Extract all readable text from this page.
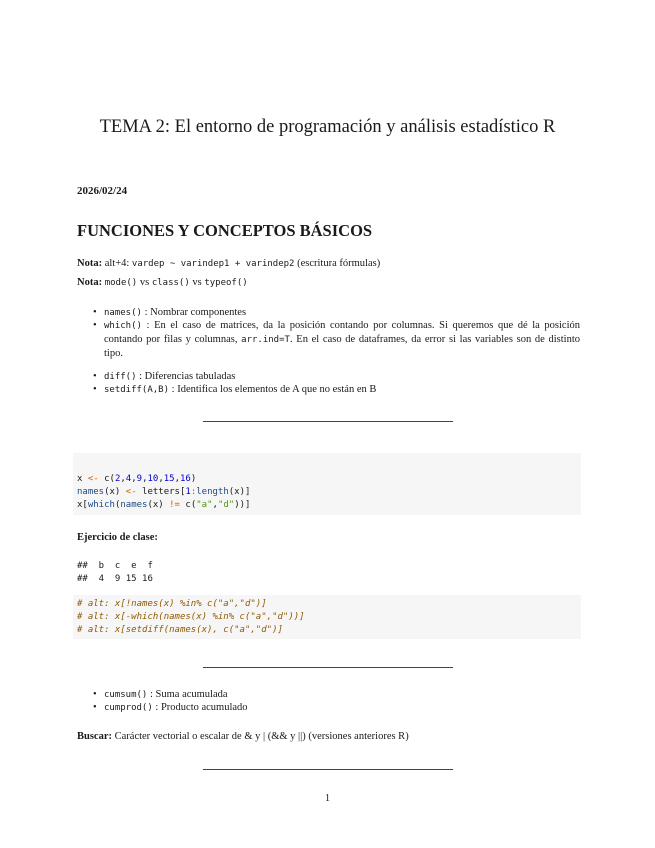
TEMA 2: El entorno de programación y análisis estadístico R
2026/02/24
FUNCIONES Y CONCEPTOS BÁSICOS
Nota: alt+4: vardep ~ varindep1 + varindep2 (escritura fórmulas)
Nota: mode() vs class() vs typeof()
• names() : Nombrar componentes
• which() : En el caso de matrices, da la posición contando por columnas. Si queremos que dé la posición contando por filas y columnas, arr.ind=T. En el caso de dataframes, da error si las variables son de distinto tipo.
• diff() : Diferencias tabuladas
• setdiff(A,B) : Identifica los elementos de A que no están en B
x <- c(2,4,9,10,15,16)
names(x) <- letters[1:length(x)]
x[which(names(x) != c("a","d"))]
Ejercicio de clase:
##  b  c  e  f
##  4  9 15 16
# alt: x[!names(x) %in% c("a","d")]
# alt: x[-which(names(x) %in% c("a","d"))]
# alt: x[setdiff(names(x), c("a","d")]
• cumsum() : Suma acumulada
• cumprod() : Producto acumulado
Buscar: Carácter vectorial o escalar de & y | (&& y ||) (versiones anteriores R)
1
